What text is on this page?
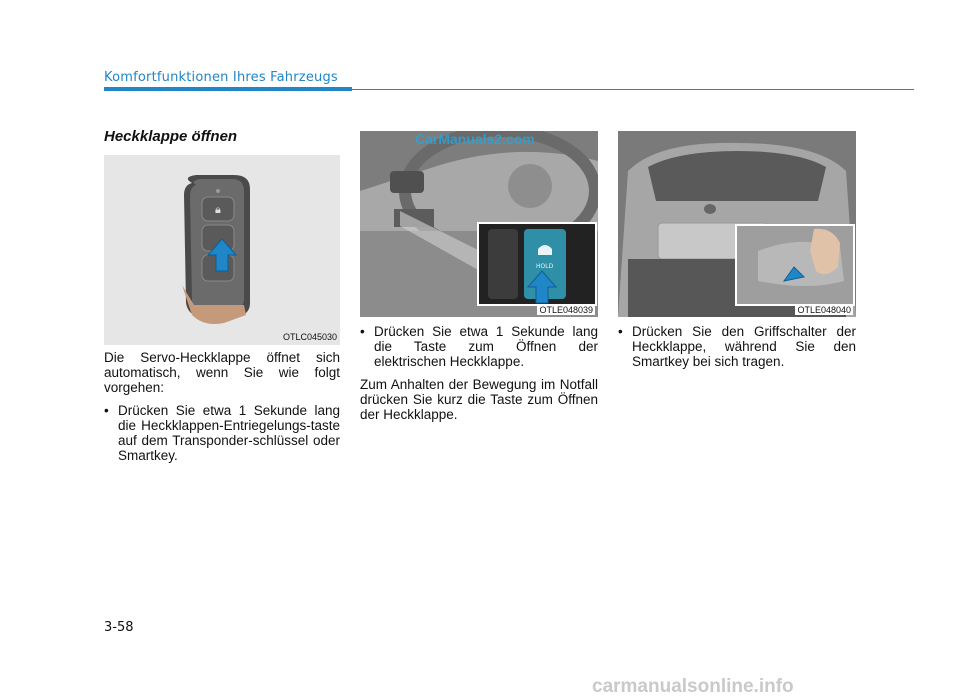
Komfortfunktionen Ihres Fahrzeugs
Heckklappe öffnen
🔒︎
OTLC045030
HOLD
OTLE048039	OTLE048040
CarManuals2.com

Die Servo-Heckklappe öffnet sich automatisch, wenn Sie wie folgt vorgehen:

• Drücken Sie etwa 1 Sekunde lang die Heckklappen-Entriegelungs-taste auf dem Transponder-schlüssel oder Smartkey.
• Drücken Sie etwa 1 Sekunde lang die Taste zum Öffnen der elektrischen Heckklappe.

Zum Anhalten der Bewegung im Notfall drücken Sie kurz die Taste zum Öffnen der Heckklappe.

• Drücken Sie den Griffschalter der Heckklappe, während Sie den Smartkey bei sich tragen.
3-58
carmanualsonline.info
